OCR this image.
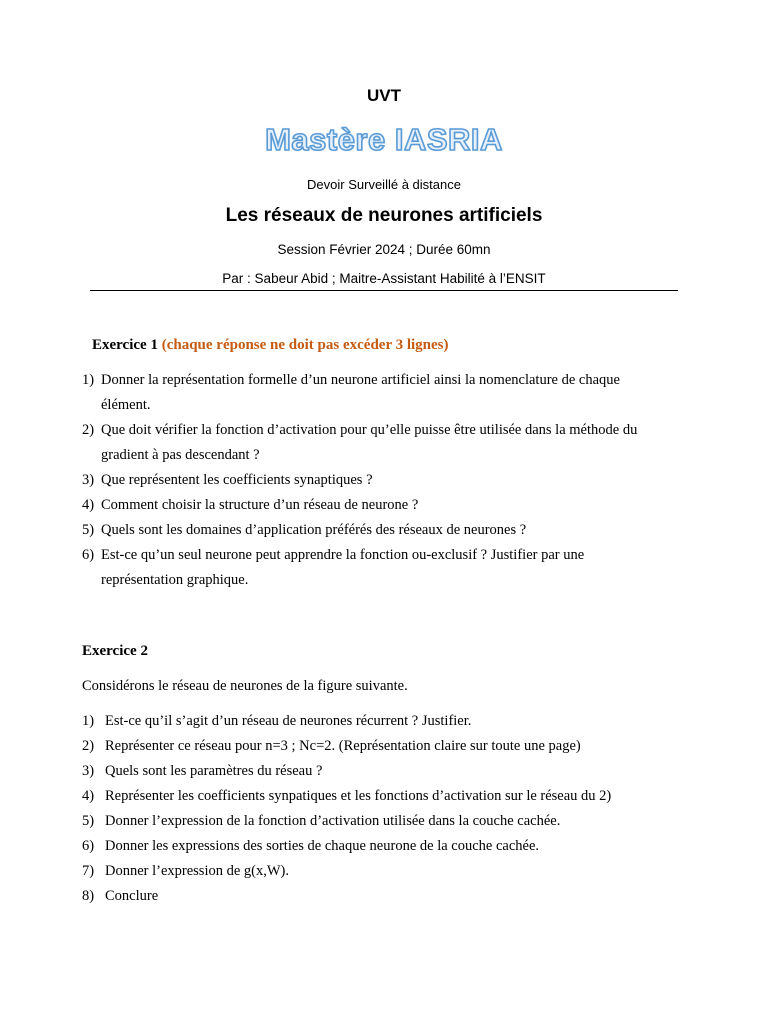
UVT
Mastère IASRIA
Devoir Surveillé à distance
Les réseaux de neurones artificiels
Session Février 2024 ; Durée 60mn
Par : Sabeur Abid ; Maitre-Assistant Habilité à l’ENSIT
Exercice 1 (chaque réponse ne doit pas excéder 3 lignes)
1) Donner la représentation formelle d’un neurone artificiel ainsi la nomenclature de chaque
élément.
2) Que doit vérifier la fonction d’activation pour qu’elle puisse être utilisée dans la méthode du
gradient à pas descendant ?
3) Que représentent les coefficients synaptiques ?
4) Comment choisir la structure d’un réseau de neurone ?
5) Quels sont les domaines d’application préférés des réseaux de neurones ?
6) Est-ce qu’un seul neurone peut apprendre la fonction ou-exclusif ? Justifier par une
représentation graphique.
Exercice 2
Considérons le réseau de neurones de la figure suivante.
1) Est-ce qu’il s’agit d’un réseau de neurones récurrent ? Justifier.
2) Représenter ce réseau pour n=3 ; Nc=2. (Représentation claire sur toute une page)
3) Quels sont les paramètres du réseau ?
4) Représenter les coefficients synpatiques et les fonctions d’activation sur le réseau du 2)
5) Donner l’expression de la fonction d’activation utilisée dans la couche cachée.
6) Donner les expressions des sorties de chaque neurone de la couche cachée.
7) Donner l’expression de g(x,W).
8) Conclure
